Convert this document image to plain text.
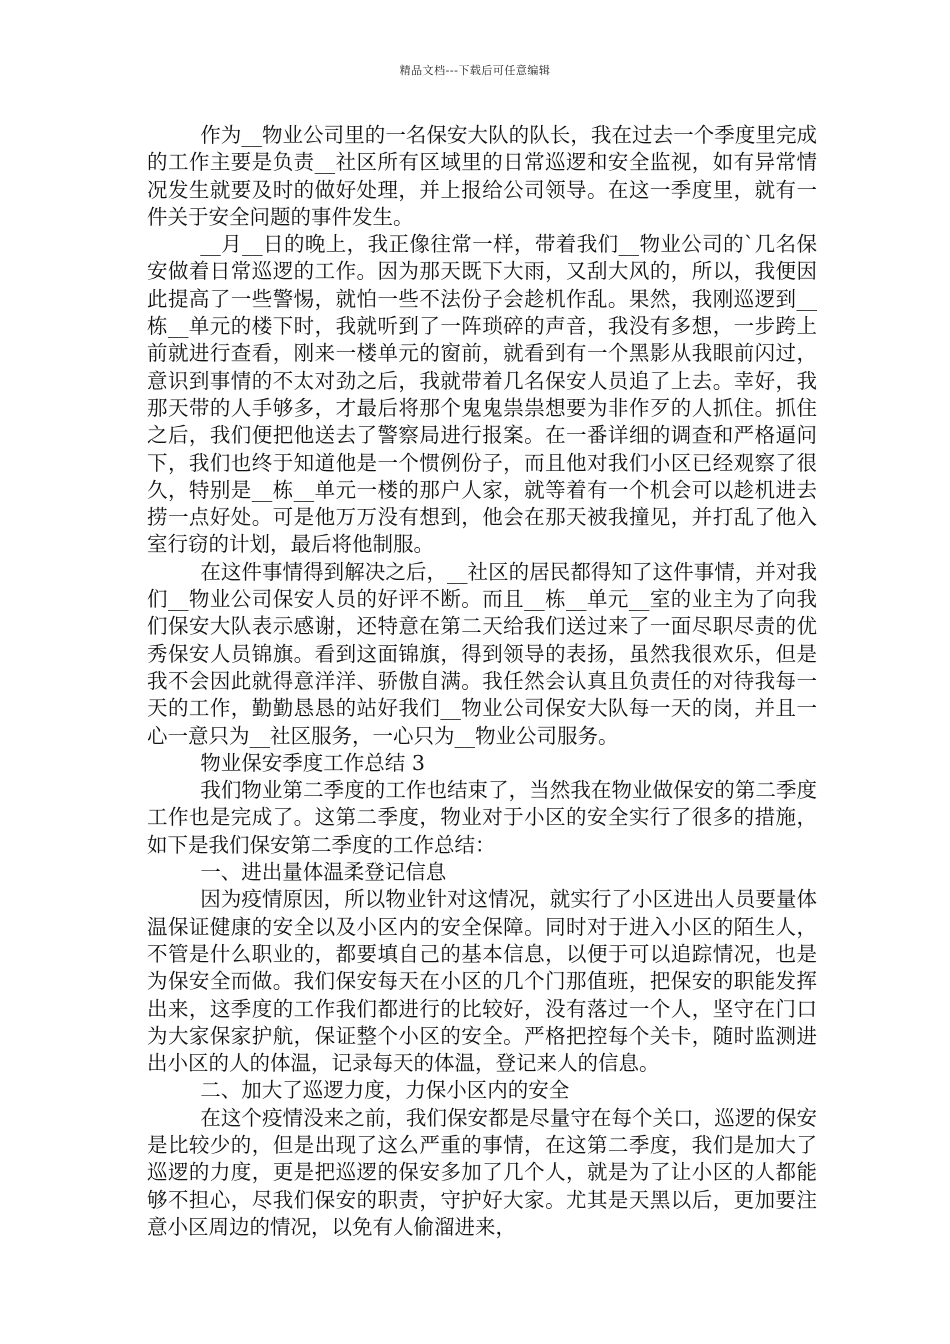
精品文档---下载后可任意编辑

作为__物业公司里的一名保安大队的队长，我在过去一个季度里完成的工作主要是负责__社区所有区域里的日常巡逻和安全监视，如有异常情况发生就要及时的做好处理，并上报给公司领导。在这一季度里，就有一件关于安全问题的事件发生。

__月__日的晚上，我正像往常一样，带着我们__物业公司的`几名保安做着日常巡逻的工作。因为那天既下大雨，又刮大风的，所以，我便因此提高了一些警惕，就怕一些不法份子会趁机作乱。果然，我刚巡逻到__栋__单元的楼下时，我就听到了一阵琐碎的声音，我没有多想，一步跨上前就进行查看，刚来一楼单元的窗前，就看到有一个黑影从我眼前闪过，意识到事情的不太对劲之后，我就带着几名保安人员追了上去。幸好，我那天带的人手够多，才最后将那个鬼鬼祟祟想要为非作歹的人抓住。抓住之后，我们便把他送去了警察局进行报案。在一番详细的调查和严格逼问下，我们也终于知道他是一个惯例份子，而且他对我们小区已经观察了很久，特别是__栋__单元一楼的那户人家，就等着有一个机会可以趁机进去捞一点好处。可是他万万没有想到，他会在那天被我撞见，并打乱了他入室行窃的计划，最后将他制服。

在这件事情得到解决之后，__社区的居民都得知了这件事情，并对我们__物业公司保安人员的好评不断。而且__栋__单元__室的业主为了向我们保安大队表示感谢，还特意在第二天给我们送过来了一面尽职尽责的优秀保安人员锦旗。看到这面锦旗，得到领导的表扬，虽然我很欢乐，但是我不会因此就得意洋洋、骄傲自满。我任然会认真且负责任的对待我每一天的工作，勤勤恳恳的站好我们__物业公司保安大队每一天的岗，并且一心一意只为__社区服务，一心只为__物业公司服务。

物业保安季度工作总结 3

我们物业第二季度的工作也结束了，当然我在物业做保安的第二季度工作也是完成了。这第二季度，物业对于小区的安全实行了很多的措施，如下是我们保安第二季度的工作总结：

一、进出量体温柔登记信息

因为疫情原因，所以物业针对这情况，就实行了小区进出人员要量体温保证健康的安全以及小区内的安全保障。同时对于进入小区的陌生人，不管是什么职业的，都要填自己的基本信息，以便于可以追踪情况，也是为保安全而做。我们保安每天在小区的几个门那值班，把保安的职能发挥出来，这季度的工作我们都进行的比较好，没有落过一个人，坚守在门口为大家保家护航，保证整个小区的安全。严格把控每个关卡，随时监测进出小区的人的体温，记录每天的体温，登记来人的信息。

二、加大了巡逻力度，力保小区内的安全

在这个疫情没来之前，我们保安都是尽量守在每个关口，巡逻的保安是比较少的，但是出现了这么严重的事情，在这第二季度，我们是加大了巡逻的力度，更是把巡逻的保安多加了几个人，就是为了让小区的人都能够不担心，尽我们保安的职责，守护好大家。尤其是天黑以后，更加要注意小区周边的情况，以免有人偷溜进来，
